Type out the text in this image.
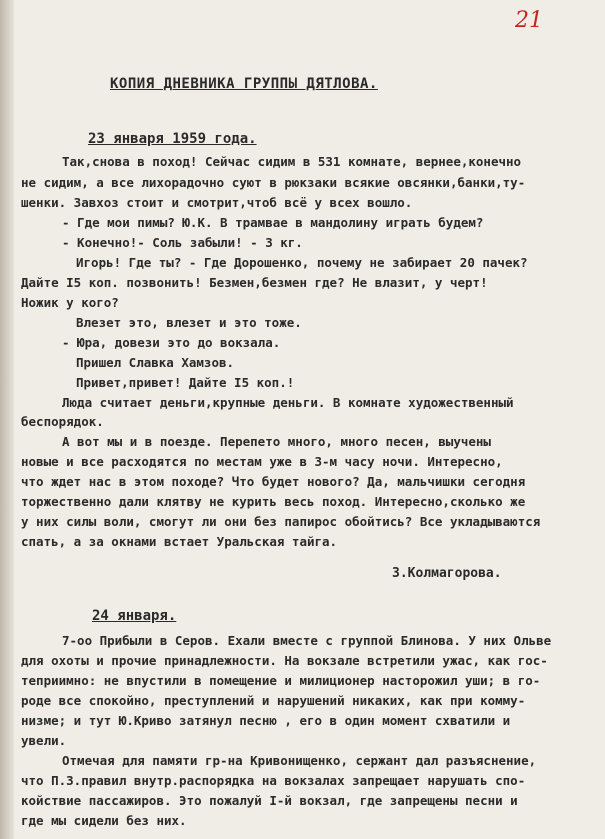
21
КОПИЯ ДНЕВНИКА ГРУППЫ ДЯТЛОВА.
23 января 1959 года.
Так,снова в поход! Сейчас сидим в 531 комнате, вернее,конечно
не сидим, а все лихорадочно суют в рюкзаки всякие овсянки,банки,ту-
шенки. Завхоз стоит и смотрит,чтоб всё у всех вошло.
- Где мои пимы? Ю.К. В трамвае в мандолину играть будем?
- Конечно!- Соль забыли! - 3 кг.
Игорь! Где ты? - Где Дорошенко, почему не забирает 20 пачек?
Дайте I5 коп. позвонить! Безмен,безмен где? Не влазит, у черт!
Ножик у кого?
Влезет это, влезет и это тоже.
- Юра, довези это до вокзала.
Пришел Славка Хамзов.
Привет,привет! Дайте I5 коп.!
Люда считает деньги,крупные деньги. В комнате художественный
беспорядок.
А вот мы и в поезде. Перепето много, много песен, выучены
новые и все расходятся по местам уже в 3-м часу ночи. Интересно,
что ждет нас в этом походе? Что будет нового? Да, мальчишки сегодня
торжественно дали клятву не курить весь поход. Интересно,сколько же
у них силы воли, смогут ли они без папирос обойтись? Все укладываются
спать, а за окнами встает Уральская тайга.
З.Колмагорова.
24 января.
7-оо Прибыли в Серов. Ехали вместе с группой Блинова. У них Ольве
для охоты и прочие принадлежности. На вокзале встретили ужас, как гос-
теприимно: не впустили в помещение и милиционер насторожил уши; в го-
роде все спокойно, преступлений и нарушений никаких, как при комму-
низме; и тут Ю.Криво затянул песню , его в один момент схватили и
увели.
Отмечая для памяти гр-на Кривонищенко, сержант дал разъяснение,
что П.З.правил внутр.распорядка на вокзалах запрещает нарушать спо-
койствие пассажиров. Это пожалуй I-й вокзал, где запрещены песни и
где мы сидели без них.
